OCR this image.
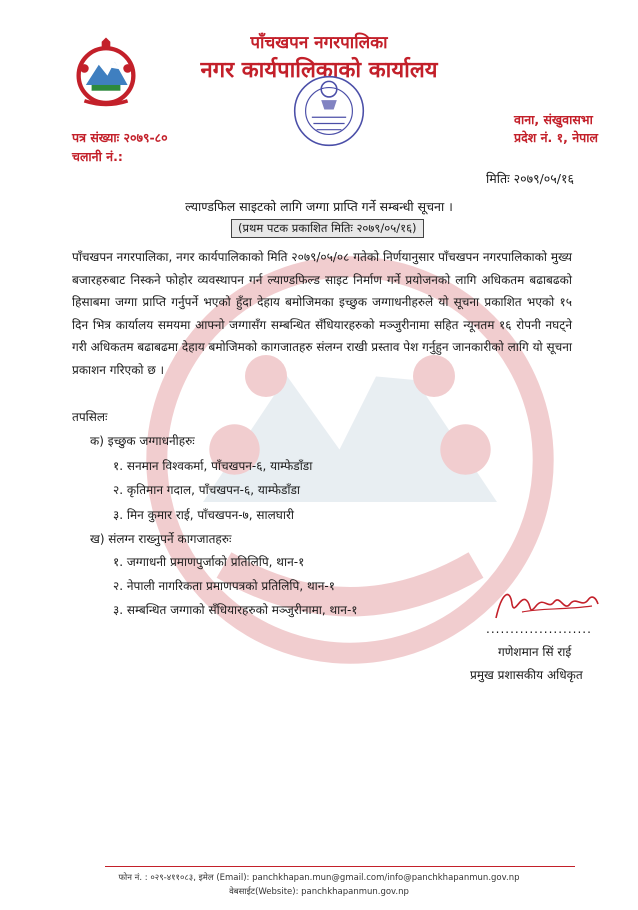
पाँचखपन नगरपालिका
नगर कार्यपालिकाको कार्यालय
वाना, संखुवासभा
प्रदेश नं. १, नेपाल
पत्र संख्याः २०७९-८०
चलानी नं.:
मितिः २०७९/०५/१६
ल्याण्डफिल साइटको लागि जग्गा प्राप्ति गर्ने सम्बन्धी सूचना ।
(प्रथम पटक प्रकाशित मितिः २०७९/०५/१६)
पाँचखपन नगरपालिका, नगर कार्यपालिकाको मिति २०७९/०५/०८ गतेको निर्णयानुसार पाँचखपन नगरपालिकाको मुख्य बजारहरुबाट निस्कने फोहोर व्यवस्थापन गर्न ल्याण्डफिल्ड साइट निर्माण गर्ने प्रयोजनको लागि अधिकतम बढाबढको हिसाबमा जग्गा प्राप्ति गर्नुपर्ने भएको हुँदा देहाय बमोजिमका इच्छुक जग्गाधनीहरुले यो सूचना प्रकाशित भएको १५ दिन भित्र कार्यालय समयमा आफ्नो जग्गासँग सम्बन्धित सँधियारहरुको मञ्जुरीनामा सहित न्यूनतम १६ रोपनी नघट्ने गरी अधिकतम बढाबढमा देहाय बमोजिमको कागजातहरु संलग्न राखी प्रस्ताव पेश गर्नुहुन जानकारीको लागि यो सूचना प्रकाशन गरिएको छ ।
तपसिलः
क) इच्छुक जग्गाधनीहरुः
१. सनमान विश्वकर्मा, पाँचखपन-६, याम्फेडाँडा
२. कृतिमान गदाल, पाँचखपन-६, याम्फेडाँडा
३. मिन कुमार राई, पाँचखपन-७, सालघारी
ख) संलग्न राख्नुपर्ने कागजातहरुः
१. जग्गाधनी प्रमाणपुर्जाको प्रतिलिपि, थान-१
२. नेपाली नागरिकता प्रमाणपत्रको प्रतिलिपि, थान-१
३. सम्बन्धित जग्गाको सँधियारहरुको मञ्जुरीनामा, थान-१
......................
गणेशमान सिं राई
प्रमुख प्रशासकीय अधिकृत
फोन नं. : ०२९-४११०८३, इमेल (Email): panchkhapan.mun@gmail.com/info@panchkhapanmun.gov.np
वेबसाईट(Website): panchkhapanmun.gov.np
